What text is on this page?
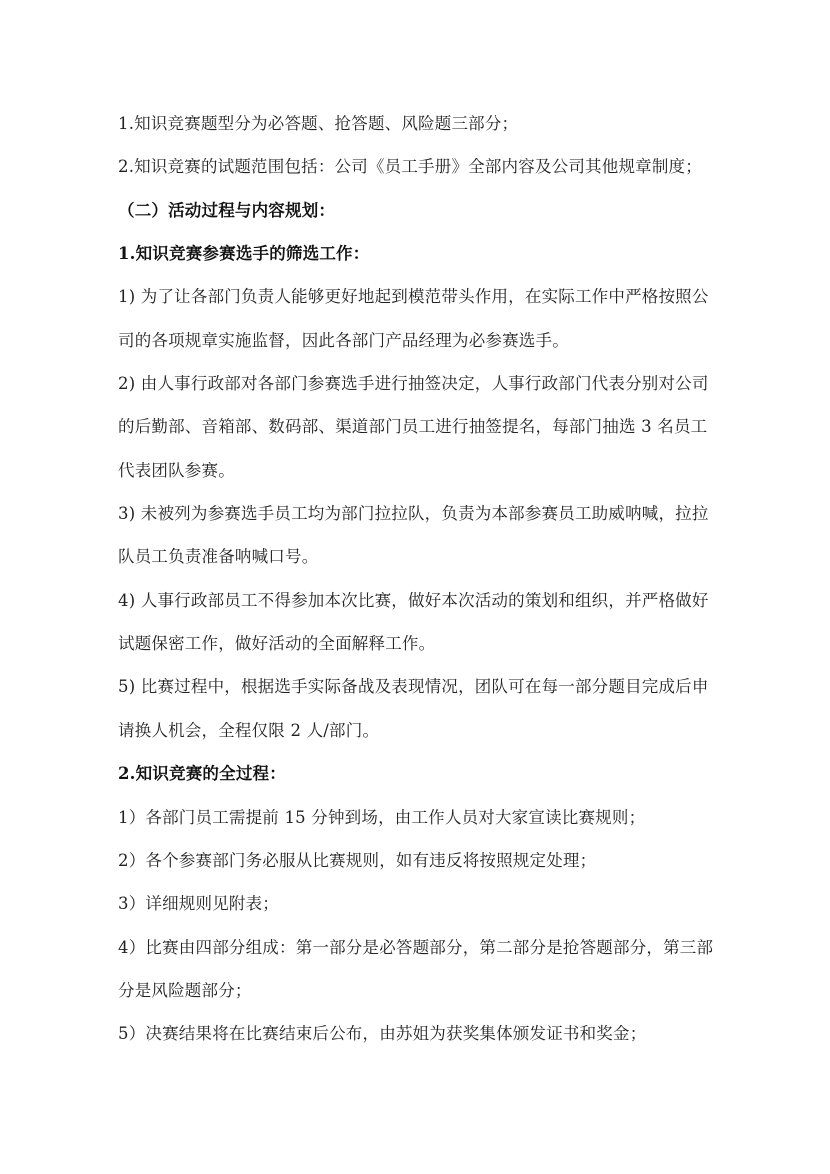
1.知识竞赛题型分为必答题、抢答题、风险题三部分；
2.知识竞赛的试题范围包括：公司《员工手册》全部内容及公司其他规章制度；
（二）活动过程与内容规划：
1.知识竞赛参赛选手的筛选工作：
1) 为了让各部门负责人能够更好地起到模范带头作用，在实际工作中严格按照公
司的各项规章实施监督，因此各部门产品经理为必参赛选手。
2) 由人事行政部对各部门参赛选手进行抽签决定，人事行政部门代表分别对公司
的后勤部、音箱部、数码部、渠道部门员工进行抽签提名，每部门抽选 3 名员工
代表团队参赛。
3) 未被列为参赛选手员工均为部门拉拉队，负责为本部参赛员工助威呐喊，拉拉
队员工负责准备呐喊口号。
4) 人事行政部员工不得参加本次比赛，做好本次活动的策划和组织，并严格做好
试题保密工作，做好活动的全面解释工作。
5) 比赛过程中，根据选手实际备战及表现情况，团队可在每一部分题目完成后申
请换人机会，全程仅限 2 人/部门。
2.知识竞赛的全过程：
1）各部门员工需提前 15 分钟到场，由工作人员对大家宣读比赛规则；
2）各个参赛部门务必服从比赛规则，如有违反将按照规定处理；
3）详细规则见附表；
4）比赛由四部分组成：第一部分是必答题部分，第二部分是抢答题部分，第三部
分是风险题部分；
5）决赛结果将在比赛结束后公布，由苏姐为获奖集体颁发证书和奖金；
